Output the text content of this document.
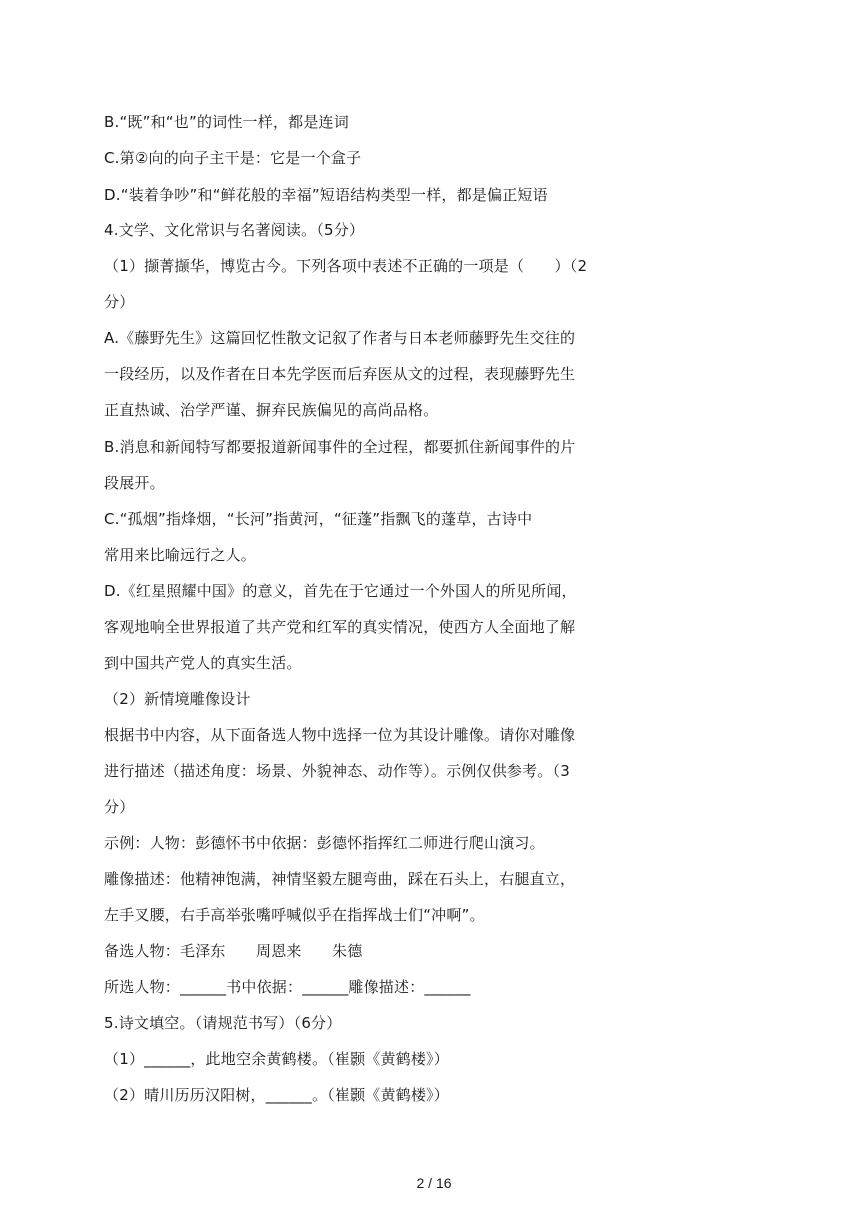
B.“既”和“也”的词性一样，都是连词
C.第②向的向子主干是：它是一个盒子
D.“装着争吵”和“鲜花般的幸福”短语结构类型一样，都是偏正短语
4.文学、文化常识与名著阅读。（5分）
（1）撷菁撷华，博览古今。下列各项中表述不正确的一项是（　　）（2
分）
A.《藤野先生》这篇回忆性散文记叙了作者与日本老师藤野先生交往的
一段经历，以及作者在日本先学医而后弃医从文的过程，表现藤野先生
正直热诚、治学严谨、摒弃民族偏见的高尚品格。
B.消息和新闻特写都要报道新闻事件的全过程，都要抓住新闻事件的片
段展开。
C.“孤烟”指烽烟，“长河”指黄河，“征蓬”指飘飞的蓬草，古诗中
常用来比喻远行之人。
D.《红星照耀中国》的意义，首先在于它通过一个外国人的所见所闻，
客观地响全世界报道了共产党和红军的真实情况，使西方人全面地了解
到中国共产党人的真实生活。
（2）新情境雕像设计
根据书中内容，从下面备选人物中选择一位为其设计雕像。请你对雕像
进行描述（描述角度：场景、外貌神态、动作等）。示例仅供参考。（3
分）
示例：人物：彭德怀书中依据：彭德怀指挥红二师进行爬山演习。
雕像描述：他精神饱满，神情坚毅左腿弯曲，踩在石头上，右腿直立，
左手叉腰，右手高举张嘴呼喊似乎在指挥战士们“冲啊”。
备选人物：毛泽东　　周恩来　　朱德
所选人物：______书中依据：______雕像描述：______
5.诗文填空。（请规范书写）（6分）
（1）______，此地空余黄鹤楼。（崔颢《黄鹤楼》）
（2）晴川历历汉阳树，______。（崔颢《黄鹤楼》）
2 / 16
